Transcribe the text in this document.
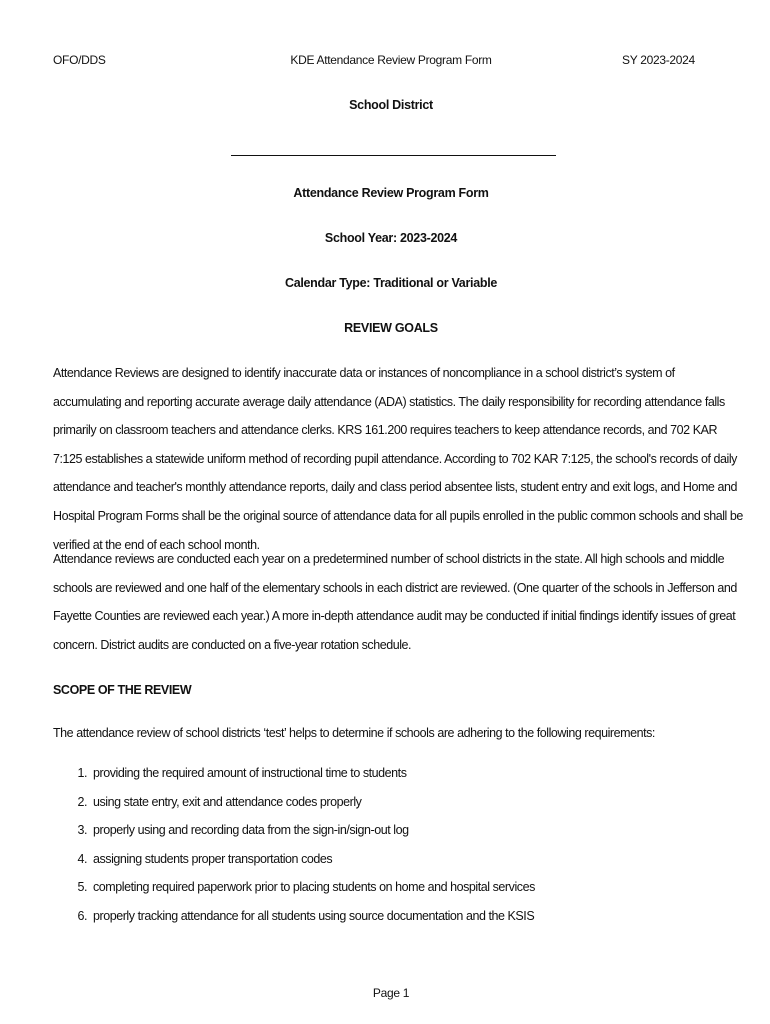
OFO/DDS	KDE Attendance Review Program Form	SY 2023-2024
School District
Attendance Review Program Form
School Year: 2023-2024
Calendar Type: Traditional or Variable
REVIEW GOALS
Attendance Reviews are designed to identify inaccurate data or instances of noncompliance in a school district’s system of accumulating and reporting accurate average daily attendance (ADA) statistics. The daily responsibility for recording attendance falls primarily on classroom teachers and attendance clerks. KRS 161.200 requires teachers to keep attendance records, and 702 KAR 7:125 establishes a statewide uniform method of recording pupil attendance. According to 702 KAR 7:125, the school's records of daily attendance and teacher's monthly attendance reports, daily and class period absentee lists, student entry and exit logs, and Home and Hospital Program Forms shall be the original source of attendance data for all pupils enrolled in the public common schools and shall be verified at the end of each school month.
Attendance reviews are conducted each year on a predetermined number of school districts in the state. All high schools and middle schools are reviewed and one half of the elementary schools in each district are reviewed. (One quarter of the schools in Jefferson and Fayette Counties are reviewed each year.) A more in-depth attendance audit may be conducted if initial findings identify issues of great concern. District audits are conducted on a five-year rotation schedule.
SCOPE OF THE REVIEW
The attendance review of school districts ‘test’ helps to determine if schools are adhering to the following requirements:
1. providing the required amount of instructional time to students
2. using state entry, exit and attendance codes properly
3. properly using and recording data from the sign-in/sign-out log
4. assigning students proper transportation codes
5. completing required paperwork prior to placing students on home and hospital services
6. properly tracking attendance for all students using source documentation and the KSIS
Page 1
